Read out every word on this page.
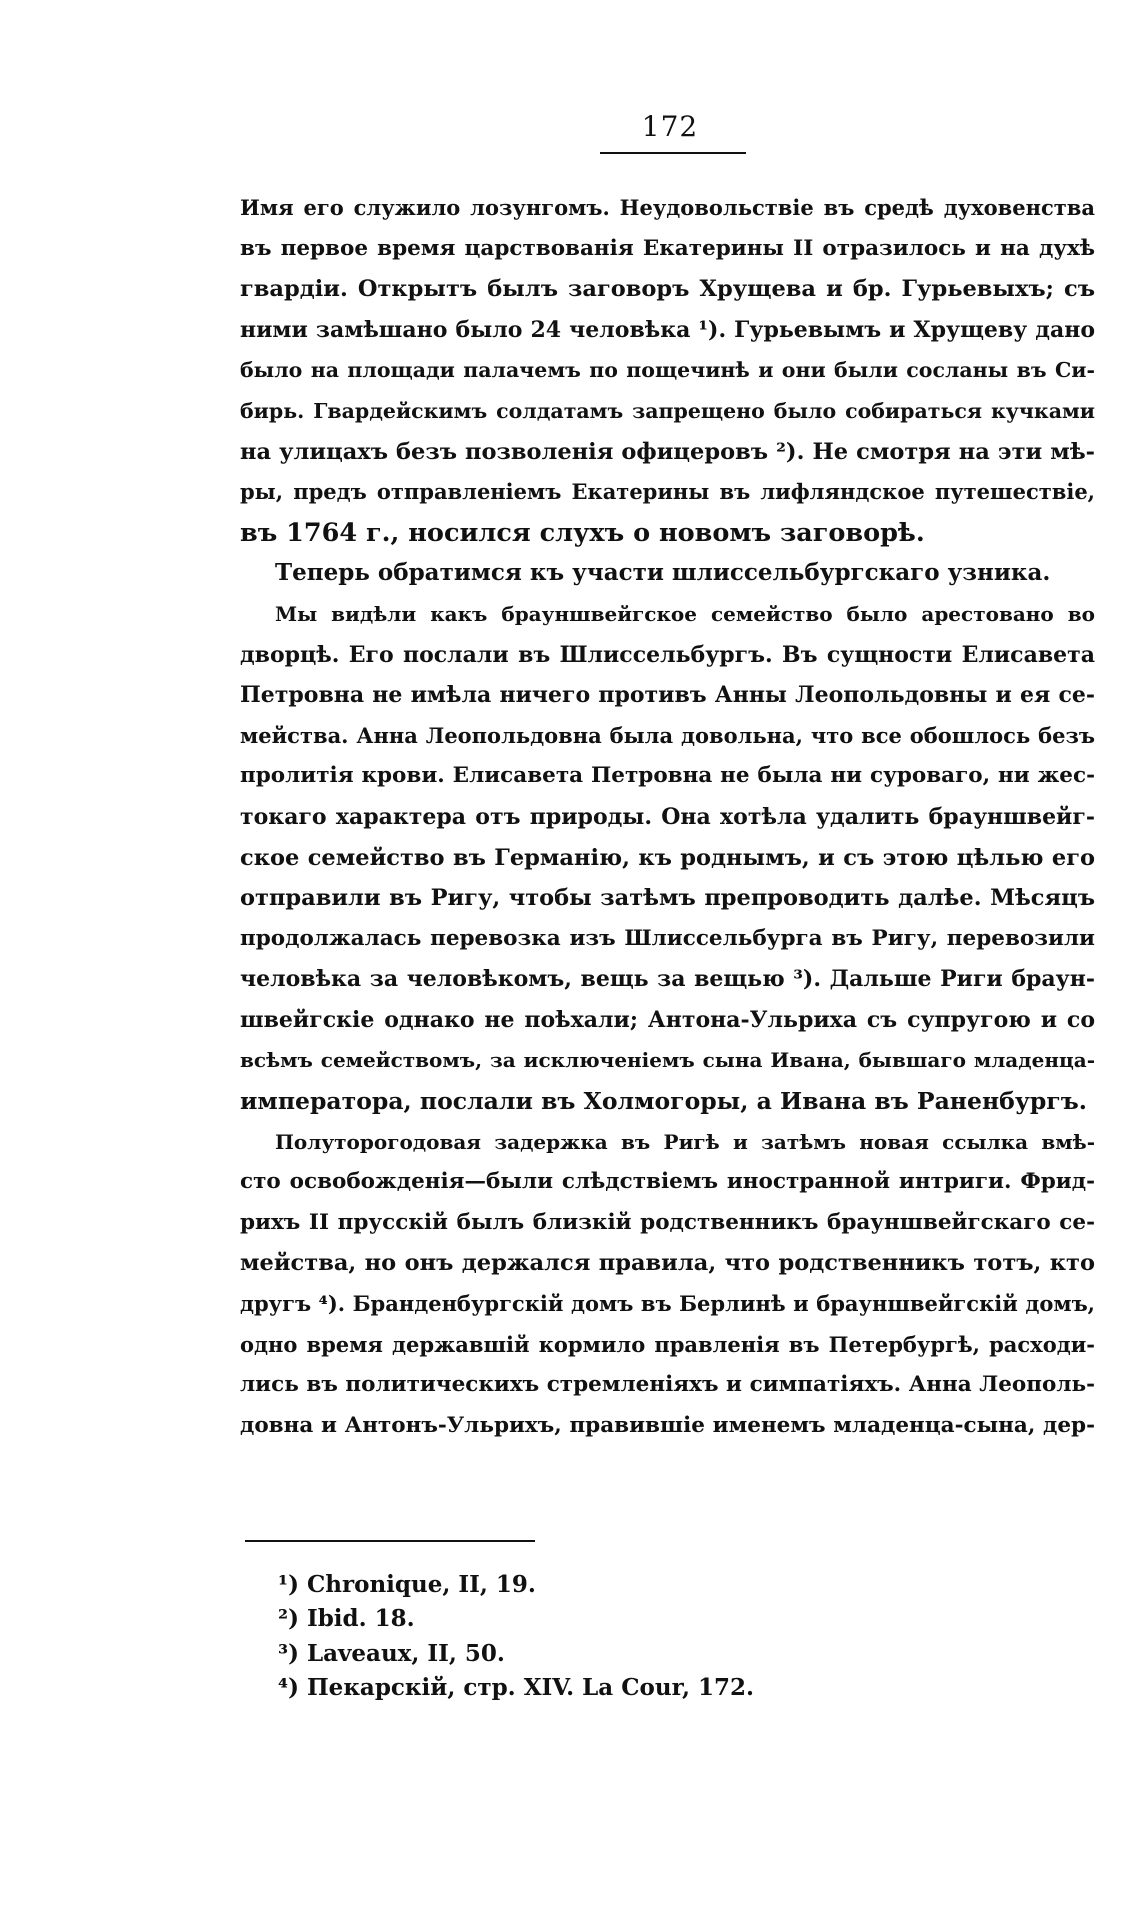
172
Имя его служило лозунгомъ. Неудовольствіе въ средѣ духовенства
въ первое время царствованія Екатерины II отразилось и на духѣ
гвардіи. Открытъ былъ заговоръ Хрущева и бр. Гурьевыхъ; съ
ними замѣшано было 24 человѣка ¹). Гурьевымъ и Хрущеву дано
было на площади палачемъ по пощечинѣ и они были сосланы въ Си-
бирь. Гвардейскимъ солдатамъ запрещено было собираться кучками
на улицахъ безъ позволенія офицеровъ ²). Не смотря на эти мѣ-
ры, предъ отправленіемъ Екатерины въ лифляндское путешествіе,
въ 1764 г., носился слухъ о новомъ заговорѣ.
Теперь обратимся къ участи шлиссельбургскаго узника.
Мы видѣли какъ брауншвейгское семейство было арестовано во
дворцѣ. Его послали въ Шлиссельбургъ. Въ сущности Елисавета
Петровна не имѣла ничего противъ Анны Леопольдовны и ея се-
мейства. Анна Леопольдовна была довольна, что все обошлось безъ
пролитія крови. Елисавета Петровна не была ни суроваго, ни жес-
токаго характера отъ природы. Она хотѣла удалить брауншвейг-
ское семейство въ Германію, къ роднымъ, и съ этою цѣлью его
отправили въ Ригу, чтобы затѣмъ препроводить далѣе. Мѣсяцъ
продолжалась перевозка изъ Шлиссельбурга въ Ригу, перевозили
человѣка за человѣкомъ, вещь за вещью ³). Дальше Риги браун-
швейгскіе однако не поѣхали; Антона-Ульриха съ супругою и со
всѣмъ семействомъ, за исключеніемъ сына Ивана, бывшаго младенца-
императора, послали въ Холмогоры, а Ивана въ Раненбургъ.
Полуторогодовая задержка въ Ригѣ и затѣмъ новая ссылка вмѣ-
сто освобожденія—были слѣдствіемъ иностранной интриги. Фрид-
рихъ II прусскій былъ близкій родственникъ брауншвейгскаго се-
мейства, но онъ держался правила, что родственникъ тотъ, кто
другъ ⁴). Бранденбургскій домъ въ Берлинѣ и брауншвейгскій домъ,
одно время державшій кормило правленія въ Петербургѣ, расходи-
лись въ политическихъ стремленіяхъ и симпатіяхъ. Анна Леополь-
довна и Антонъ-Ульрихъ, правившіе именемъ младенца-сына, дер-
¹) Chronique, II, 19.
²) Ibid. 18.
³) Laveaux, II, 50.
⁴) Пекарскій, стр. XIV. La Cour, 172.
